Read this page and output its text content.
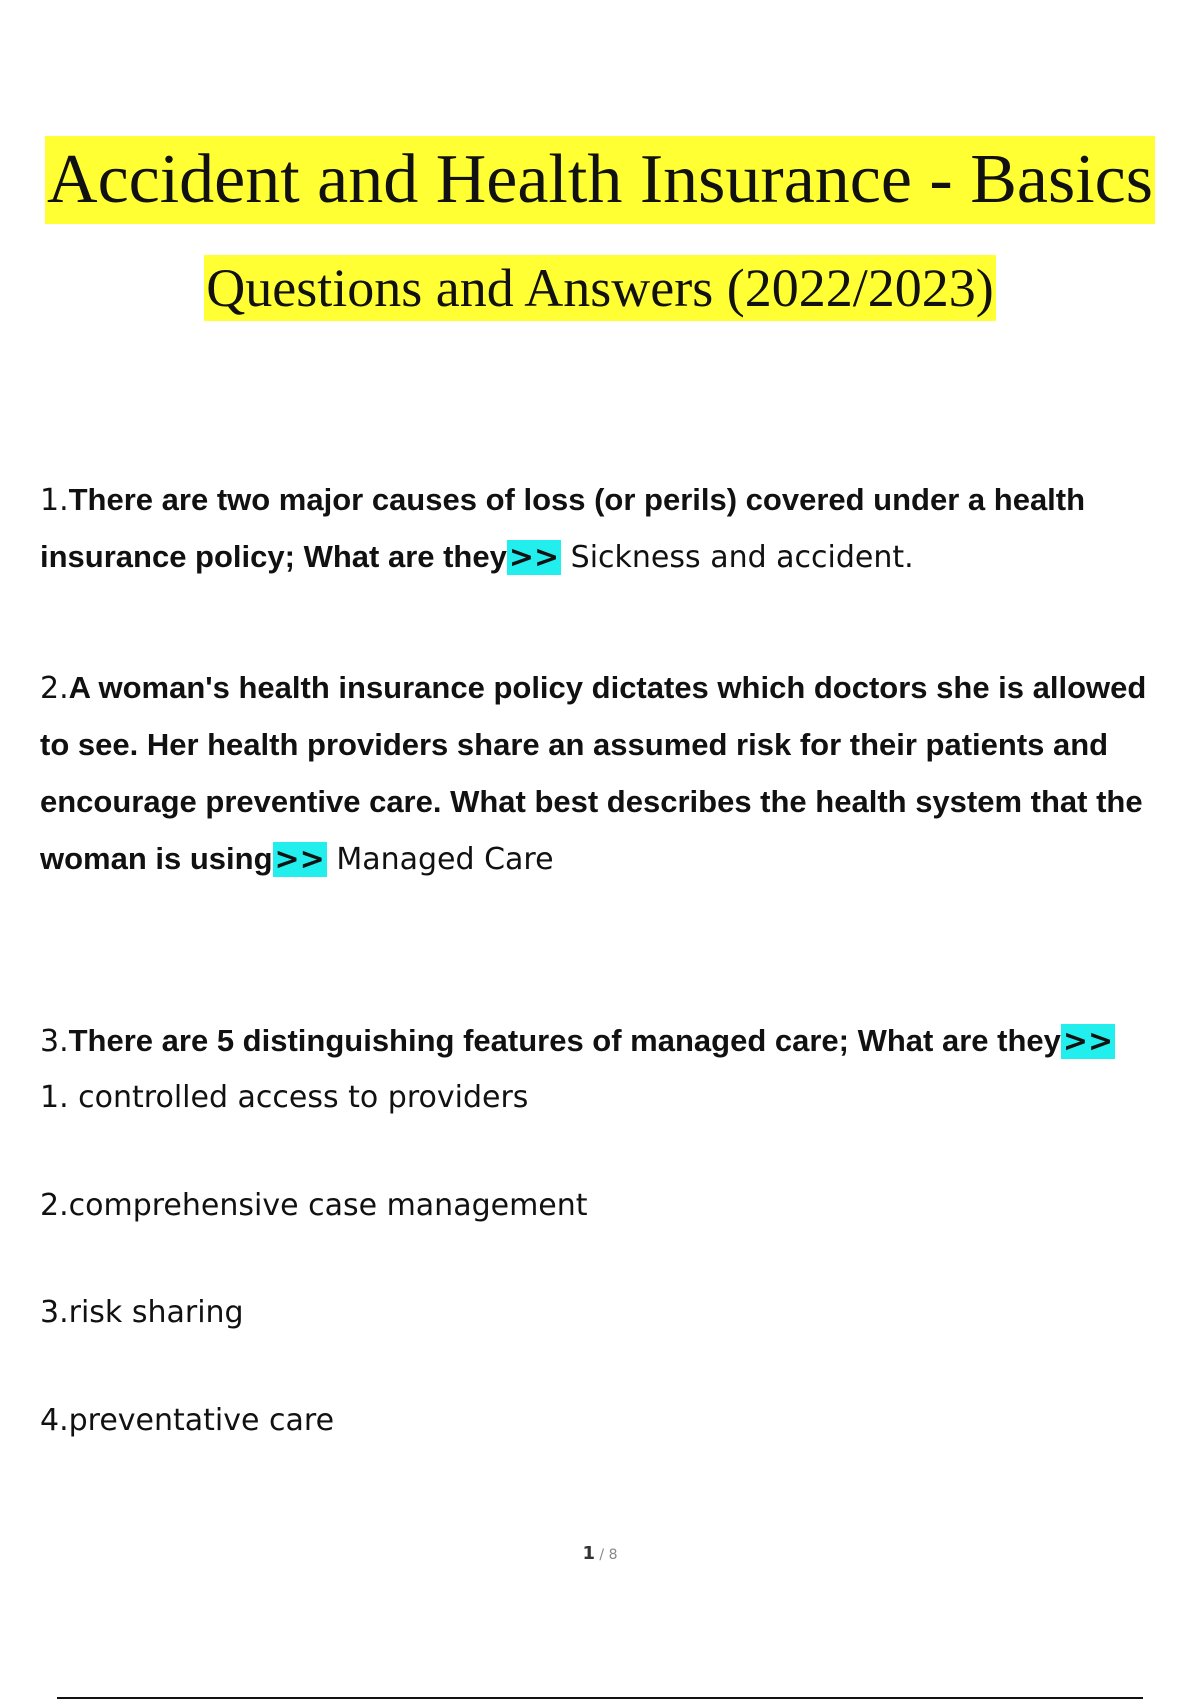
Accident and Health Insurance - Basics
Questions and Answers (2022/2023)
1.There are two major causes of loss (or perils) covered under a health insurance policy; What are they>> Sickness and accident.
2.A woman's health insurance policy dictates which doctors she is allowed to see. Her health providers share an assumed risk for their patients and encourage preventive care. What best describes the health system that the woman is using>> Managed Care
3.There are 5 distinguishing features of managed care; What are they>>
1. controlled access to providers
2.comprehensive case management
3.risk sharing
4.preventative care
1 / 8
